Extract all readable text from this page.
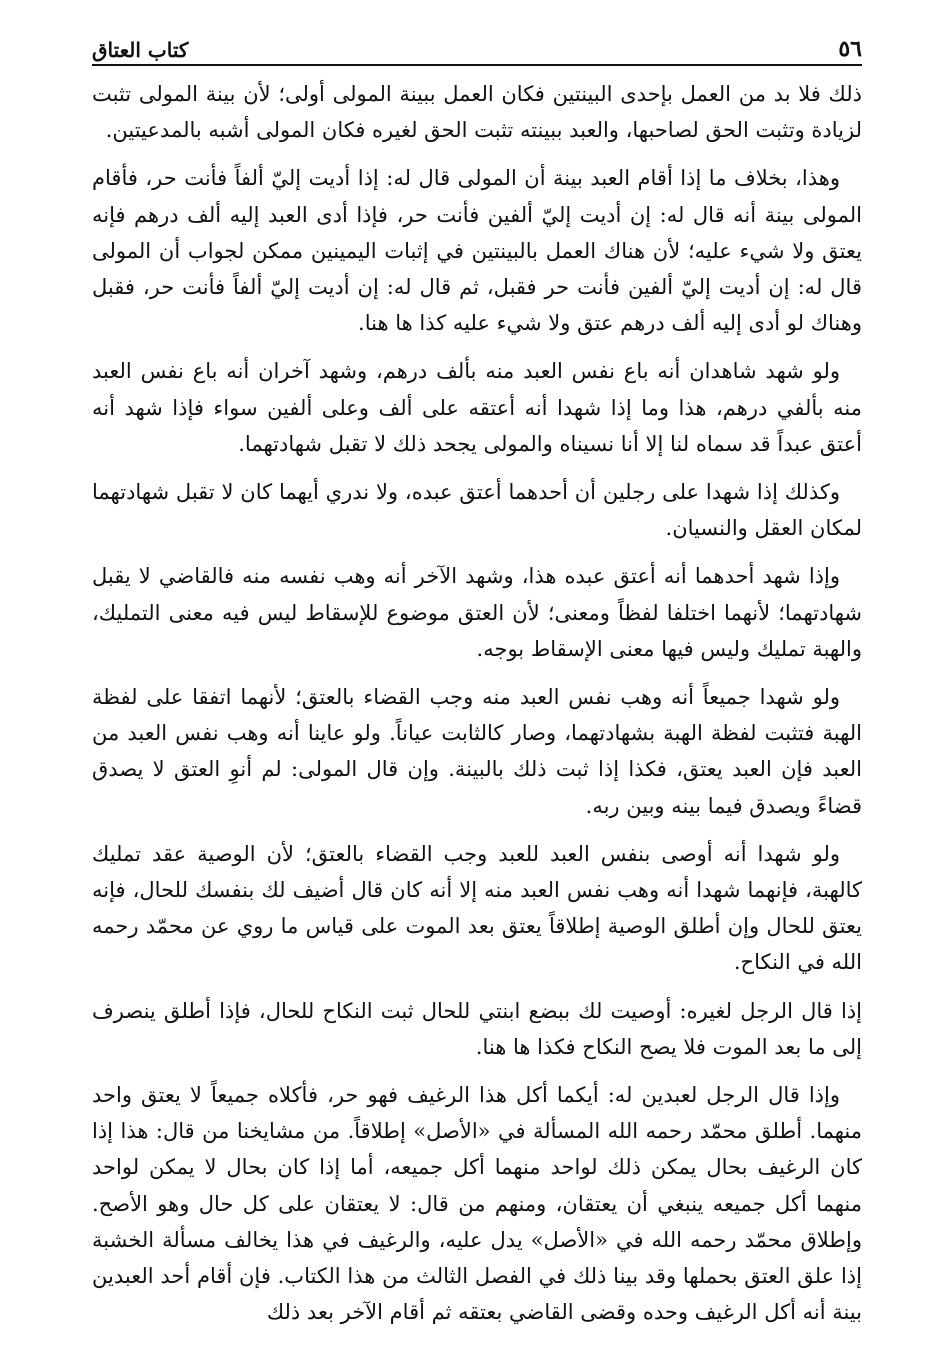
٥٦
كتاب العتاق

ذلك فلا بد من العمل بإحدى البينتين فكان العمل ببينة المولى أولى؛ لأن بينة المولى تثبت لزيادة وتثبت الحق لصاحبها، والعبد ببينته تثبت الحق لغيره فكان المولى أشبه بالمدعيتين.

وهذا، بخلاف ما إذا أقام العبد بينة أن المولى قال له: إذا أديت إليّ ألفاً فأنت حر، فأقام المولى بينة أنه قال له: إن أديت إليّ ألفين فأنت حر، فإذا أدى العبد إليه ألف درهم فإنه يعتق ولا شيء عليه؛ لأن هناك العمل بالبينتين في إثبات اليمينين ممكن لجواب أن المولى قال له: إن أديت إليّ ألفين فأنت حر فقبل، ثم قال له: إن أديت إليّ ألفاً فأنت حر، فقبل وهناك لو أدى إليه ألف درهم عتق ولا شيء عليه كذا ها هنا.

ولو شهد شاهدان أنه باع نفس العبد منه بألف درهم، وشهد آخران أنه باع نفس العبد منه بألفي درهم، هذا وما إذا شهدا أنه أعتقه على ألف وعلى ألفين سواء فإذا شهد أنه أعتق عبداً قد سماه لنا إلا أنا نسيناه والمولى يجحد ذلك لا تقبل شهادتهما.

وكذلك إذا شهدا على رجلين أن أحدهما أعتق عبده، ولا ندري أيهما كان لا تقبل شهادتهما لمكان العقل والنسيان.

وإذا شهد أحدهما أنه أعتق عبده هذا، وشهد الآخر أنه وهب نفسه منه فالقاضي لا يقبل شهادتهما؛ لأنهما اختلفا لفظاً ومعنى؛ لأن العتق موضوع للإسقاط ليس فيه معنى التمليك، والهبة تمليك وليس فيها معنى الإسقاط بوجه.

ولو شهدا جميعاً أنه وهب نفس العبد منه وجب القضاء بالعتق؛ لأنهما اتفقا على لفظة الهبة فتثبت لفظة الهبة بشهادتهما، وصار كالثابت عياناً. ولو عاينا أنه وهب نفس العبد من العبد فإن العبد يعتق، فكذا إذا ثبت ذلك بالبينة. وإن قال المولى: لم أنوِ العتق لا يصدق قضاءً ويصدق فيما بينه وبين ربه.

ولو شهدا أنه أوصى بنفس العبد للعبد وجب القضاء بالعتق؛ لأن الوصية عقد تمليك كالهبة، فإنهما شهدا أنه وهب نفس العبد منه إلا أنه كان قال أضيف لك بنفسك للحال، فإنه يعتق للحال وإن أطلق الوصية إطلاقاً يعتق بعد الموت على قياس ما روي عن محمّد رحمه الله في النكاح.

إذا قال الرجل لغيره: أوصيت لك ببضع ابنتي للحال ثبت النكاح للحال، فإذا أطلق ينصرف إلى ما بعد الموت فلا يصح النكاح فكذا ها هنا.

وإذا قال الرجل لعبدين له: أيكما أكل هذا الرغيف فهو حر، فأكلاه جميعاً لا يعتق واحد منهما. أطلق محمّد رحمه الله المسألة في «الأصل» إطلاقاً. من مشايخنا من قال: هذا إذا كان الرغيف بحال يمكن ذلك لواحد منهما أكل جميعه، أما إذا كان بحال لا يمكن لواحد منهما أكل جميعه ينبغي أن يعتقان، ومنهم من قال: لا يعتقان على كل حال وهو الأصح. وإطلاق محمّد رحمه الله في «الأصل» يدل عليه، والرغيف في هذا يخالف مسألة الخشبة إذا علق العتق بحملها وقد بينا ذلك في الفصل الثالث من هذا الكتاب. فإن أقام أحد العبدين بينة أنه أكل الرغيف وحده وقضى القاضي بعتقه ثم أقام الآخر بعد ذلك
